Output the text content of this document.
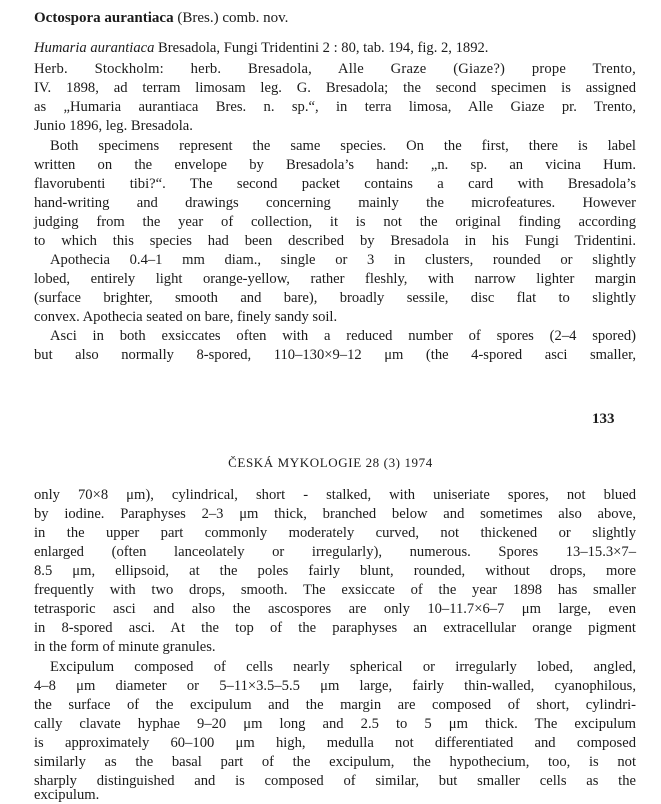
Octospora aurantiaca (Bres.) comb. nov.
Humaria aurantiaca Bresadola, Fungi Tridentini 2 : 80, tab. 194, fig. 2, 1892.
Herb. Stockholm: herb. Bresadola, Alle Graze (Giaze?) prope Trento,
IV. 1898, ad terram limosam leg. G. Bresadola; the second specimen is assigned
as „Humaria aurantiaca Bres. n. sp.“, in terra limosa, Alle Giaze pr. Trento,
Junio 1896, leg. Bresadola.
Both specimens represent the same species. On the first, there is label
written on the envelope by Bresadola’s hand: „n. sp. an vicina Hum.
flavorubenti tibi?“. The second packet contains a card with Bresadola’s
hand-writing and drawings concerning mainly the microfeatures. However
judging from the year of collection, it is not the original finding according
to which this species had been described by Bresadola in his Fungi Tridentini.
Apothecia 0.4–1 mm diam., single or 3 in clusters, rounded or slightly
lobed, entirely light orange-yellow, rather fleshly, with narrow lighter margin
(surface brighter, smooth and bare), broadly sessile, disc flat to slightly
convex. Apothecia seated on bare, finely sandy soil.
Asci in both exsiccates often with a reduced number of spores (2–4 spored)
but also normally 8-spored, 110–130×9–12 μm (the 4-spored asci smaller,
133
ČESKÁ MYKOLOGIE 28 (3) 1974
only 70×8 μm), cylindrical, short - stalked, with uniseriate spores, not blued
by iodine. Paraphyses 2–3 μm thick, branched below and sometimes also above,
in the upper part commonly moderately curved, not thickened or slightly
enlarged (often lanceolately or irregularly), numerous. Spores 13–15.3×7–
8.5 μm, ellipsoid, at the poles fairly blunt, rounded, without drops, more
frequently with two drops, smooth. The exsiccate of the year 1898 has smaller
tetrasporic asci and also the ascospores are only 10–11.7×6–7 μm large, even
in 8-spored asci. At the top of the paraphyses an extracellular orange pigment
in the form of minute granules.
Excipulum composed of cells nearly spherical or irregularly lobed, angled,
4–8 μm diameter or 5–11×3.5–5.5 μm large, fairly thin-walled, cyanophilous,
the surface of the excipulum and the margin are composed of short, cylindri-
cally clavate hyphae 9–20 μm long and 2.5 to 5 μm thick. The excipulum
is approximately 60–100 μm high, medulla not differentiated and composed
similarly as the basal part of the excipulum, the hypothecium, too, is not
sharply distinguished and is composed of similar, but smaller cells as the
excipulum.
